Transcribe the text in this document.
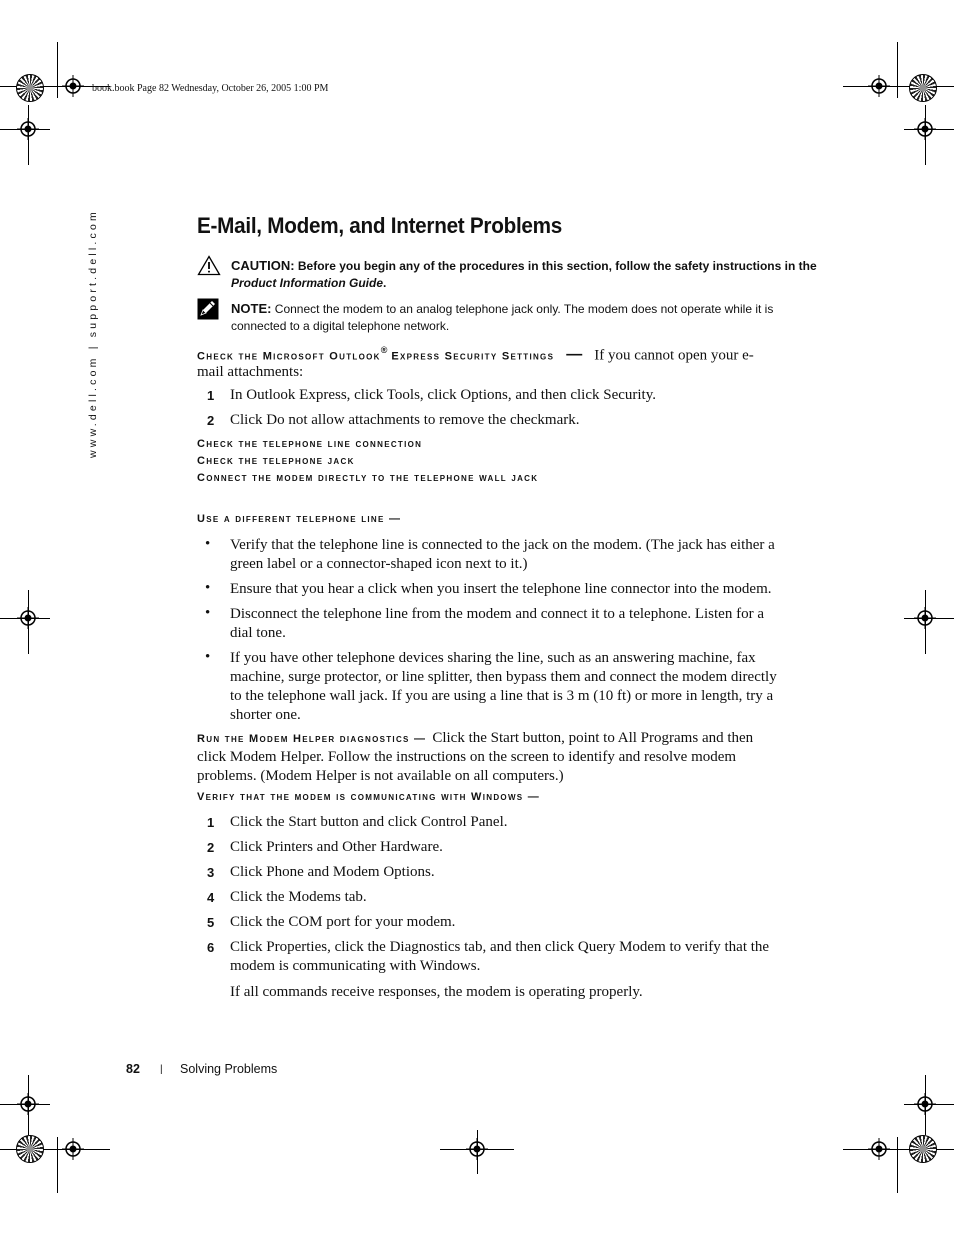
book.book Page 82 Wednesday, October 26, 2005 1:00 PM
www.dell.com | support.dell.com	E-Mail, Modem, and Internet Problems
CAUTION: Before you begin any of the procedures in this section, follow the safety instructions in the
Product Information Guide.
NOTE: Connect the modem to an analog telephone jack only. The modem does not operate while it is
connected to a digital telephone network.
Check the Microsoft Outlook® Express Security Settings — If you cannot open your e-
mail attachments:
1 In Outlook Express, click Tools, click Options, and then click Security.
2 Click Do not allow attachments to remove the checkmark.
Check the telephone line connection
Check the telephone jack
Connect the modem directly to the telephone wall jack
Use a different telephone line —
• Verify that the telephone line is connected to the jack on the modem. (The jack has either a
green label or a connector-shaped icon next to it.)
• Ensure that you hear a click when you insert the telephone line connector into the modem.
• Disconnect the telephone line from the modem and connect it to a telephone. Listen for a
dial tone.
• If you have other telephone devices sharing the line, such as an answering machine, fax
machine, surge protector, or line splitter, then bypass them and connect the modem directly
to the telephone wall jack. If you are using a line that is 3 m (10 ft) or more in length, try a
shorter one.
Run the Modem Helper diagnostics — Click the Start button, point to All Programs and then
click Modem Helper. Follow the instructions on the screen to identify and resolve modem
problems. (Modem Helper is not available on all computers.)
Verify that the modem is communicating with Windows —
1 Click the Start button and click Control Panel.
2 Click Printers and Other Hardware.
3 Click Phone and Modem Options.
4 Click the Modems tab.
5 Click the COM port for your modem.
6 Click Properties, click the Diagnostics tab, and then click Query Modem to verify that the
modem is communicating with Windows.
If all commands receive responses, the modem is operating properly.
82 | Solving Problems
